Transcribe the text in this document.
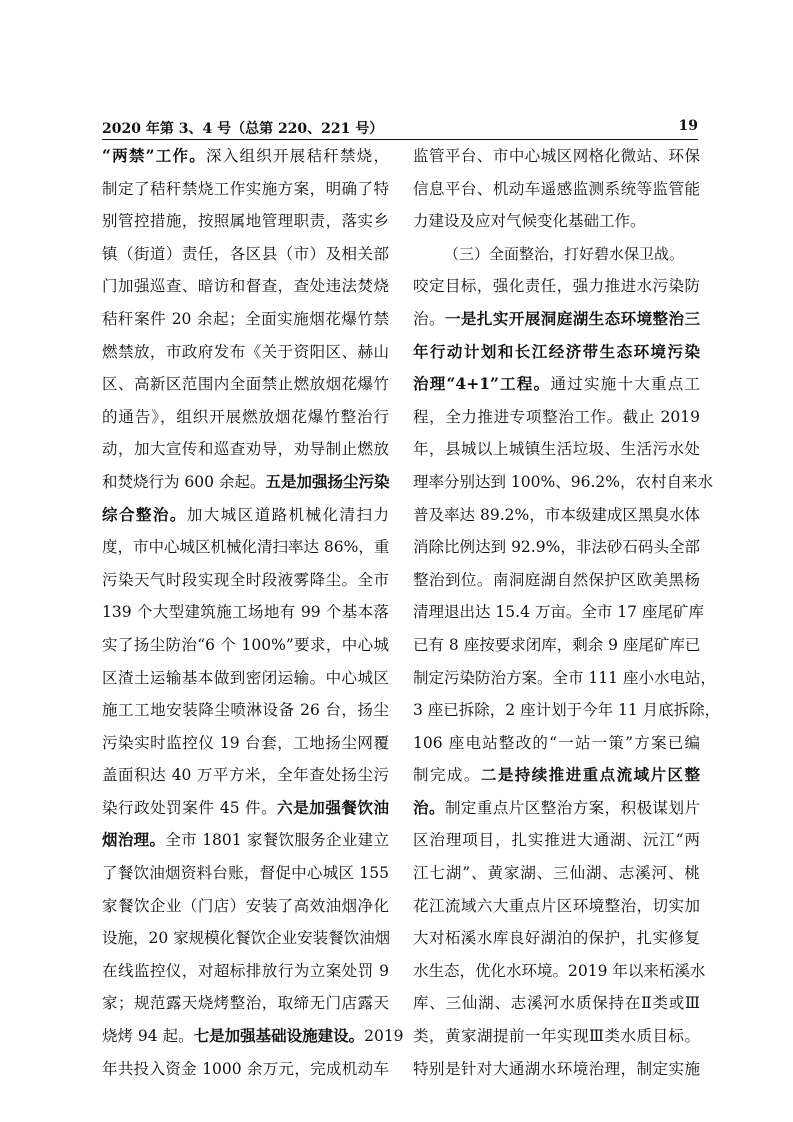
2020 年第 3、4 号（总第 220、221 号）	19
“两禁”工作。深入组织开展秸秆禁烧，
制定了秸秆禁烧工作实施方案，明确了特
别管控措施，按照属地管理职责，落实乡
镇（街道）责任，各区县（市）及相关部
门加强巡查、暗访和督查，查处违法焚烧
秸秆案件 20 余起；全面实施烟花爆竹禁
燃禁放，市政府发布《关于资阳区、赫山
区、高新区范围内全面禁止燃放烟花爆竹
的通告》，组织开展燃放烟花爆竹整治行
动，加大宣传和巡查劝导，劝导制止燃放
和焚烧行为 600 余起。五是加强扬尘污染
综合整治。加大城区道路机械化清扫力
度，市中心城区机械化清扫率达 86%，重
污染天气时段实现全时段液雾降尘。全市
139 个大型建筑施工场地有 99 个基本落
实了扬尘防治“6 个 100%”要求，中心城
区渣土运输基本做到密闭运输。中心城区
施工工地安装降尘喷淋设备 26 台，扬尘
污染实时监控仪 19 台套，工地扬尘网覆
盖面积达 40 万平方米，全年查处扬尘污
染行政处罚案件 45 件。六是加强餐饮油
烟治理。全市 1801 家餐饮服务企业建立
了餐饮油烟资料台账，督促中心城区 155
家餐饮企业（门店）安装了高效油烟净化
设施，20 家规模化餐饮企业安装餐饮油烟
在线监控仪，对超标排放行为立案处罚 9
家；规范露天烧烤整治，取缔无门店露天
烧烤 94 起。七是加强基础设施建设。2019
年共投入资金 1000 余万元，完成机动车
监管平台、市中心城区网格化微站、环保
信息平台、机动车遥感监测系统等监管能
力建设及应对气候变化基础工作。
（三）全面整治，打好碧水保卫战。
咬定目标，强化责任，强力推进水污染防
治。一是扎实开展洞庭湖生态环境整治三
年行动计划和长江经济带生态环境污染
治理“4+1”工程。通过实施十大重点工
程，全力推进专项整治工作。截止 2019
年，县城以上城镇生活垃圾、生活污水处
理率分别达到 100%、96.2%，农村自来水
普及率达 89.2%，市本级建成区黑臭水体
消除比例达到 92.9%，非法砂石码头全部
整治到位。南洞庭湖自然保护区欧美黑杨
清理退出达 15.4 万亩。全市 17 座尾矿库
已有 8 座按要求闭库，剩余 9 座尾矿库已
制定污染防治方案。全市 111 座小水电站，
3 座已拆除，2 座计划于今年 11 月底拆除，
106 座电站整改的“一站一策”方案已编
制完成。二是持续推进重点流域片区整
治。制定重点片区整治方案，积极谋划片
区治理项目，扎实推进大通湖、沅江“两
江七湖”、黄家湖、三仙湖、志溪河、桃
花江流域六大重点片区环境整治，切实加
大对柘溪水库良好湖泊的保护，扎实修复
水生态，优化水环境。2019 年以来柘溪水
库、三仙湖、志溪河水质保持在Ⅱ类或Ⅲ
类，黄家湖提前一年实现Ⅲ类水质目标。
特别是针对大通湖水环境治理，制定实施
